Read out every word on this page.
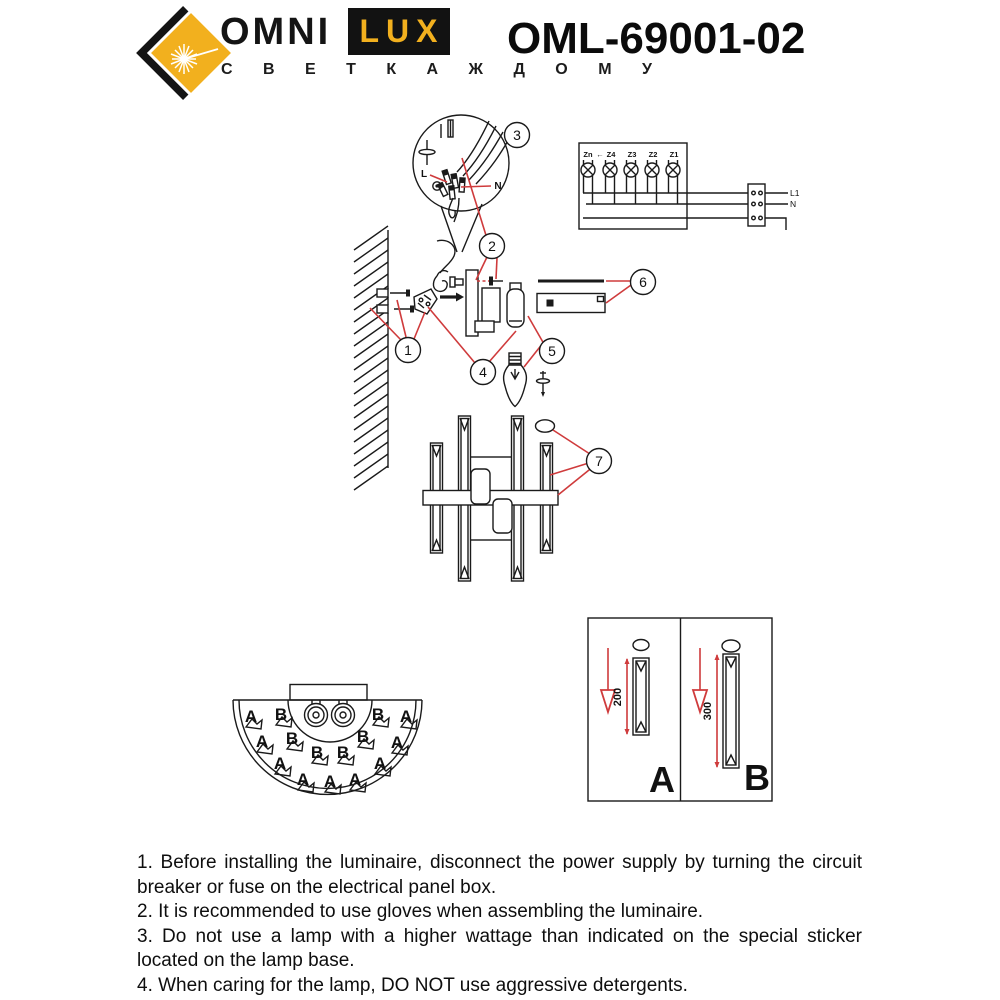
OMNI LUX
С В Е Т К А Ж Д О М У
OML-69001-02
L
N
3
Zn ← Z4 Z3 Z2 Z1
L1
N
1
2
4
5
6
7
A B	B A
A B	B A
B B
A	A
A A A
200
A
300
B

1. Before installing the luminaire, disconnect the power supply by turning the circuit breaker or fuse on the electrical panel box.

2. It is recommended to use gloves when assembling the luminaire.

3. Do not use a lamp with a higher wattage than indicated on the special sticker located on the lamp base.

4. When caring for the lamp, DO NOT use aggressive detergents.
